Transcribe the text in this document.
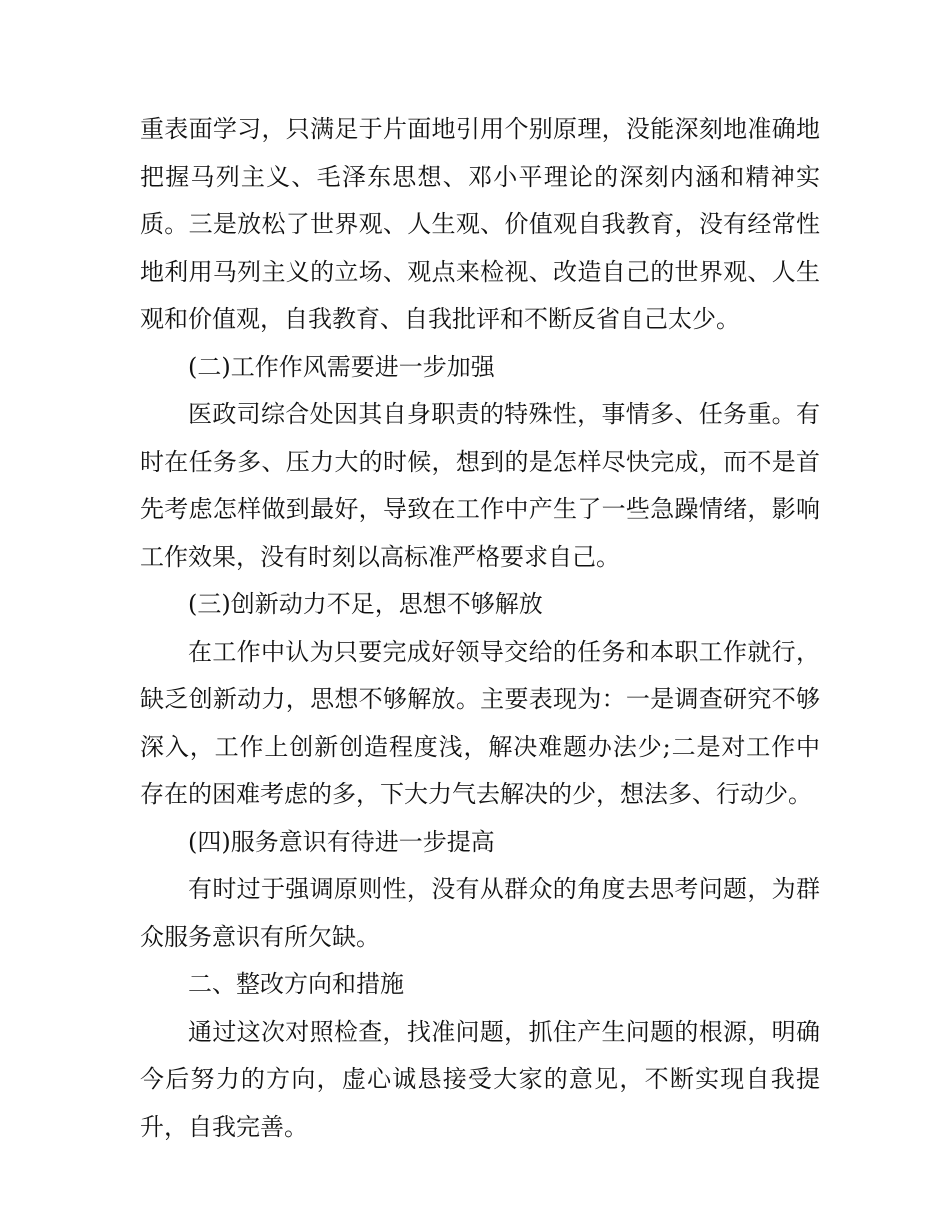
重表面学习，只满足于片面地引用个别原理，没能深刻地准确地把握马列主义、毛泽东思想、邓小平理论的深刻内涵和精神实质。三是放松了世界观、人生观、价值观自我教育，没有经常性地利用马列主义的立场、观点来检视、改造自己的世界观、人生观和价值观，自我教育、自我批评和不断反省自己太少。

(二)工作作风需要进一步加强

医政司综合处因其自身职责的特殊性，事情多、任务重。有时在任务多、压力大的时候，想到的是怎样尽快完成，而不是首先考虑怎样做到最好，导致在工作中产生了一些急躁情绪，影响工作效果，没有时刻以高标准严格要求自己。

(三)创新动力不足，思想不够解放

在工作中认为只要完成好领导交给的任务和本职工作就行，缺乏创新动力，思想不够解放。主要表现为：一是调查研究不够深入，工作上创新创造程度浅，解决难题办法少;二是对工作中存在的困难考虑的多，下大力气去解决的少，想法多、行动少。

(四)服务意识有待进一步提高

有时过于强调原则性，没有从群众的角度去思考问题，为群众服务意识有所欠缺。

二、整改方向和措施

通过这次对照检查，找准问题，抓住产生问题的根源，明确今后努力的方向，虚心诚恳接受大家的意见，不断实现自我提升，自我完善。
